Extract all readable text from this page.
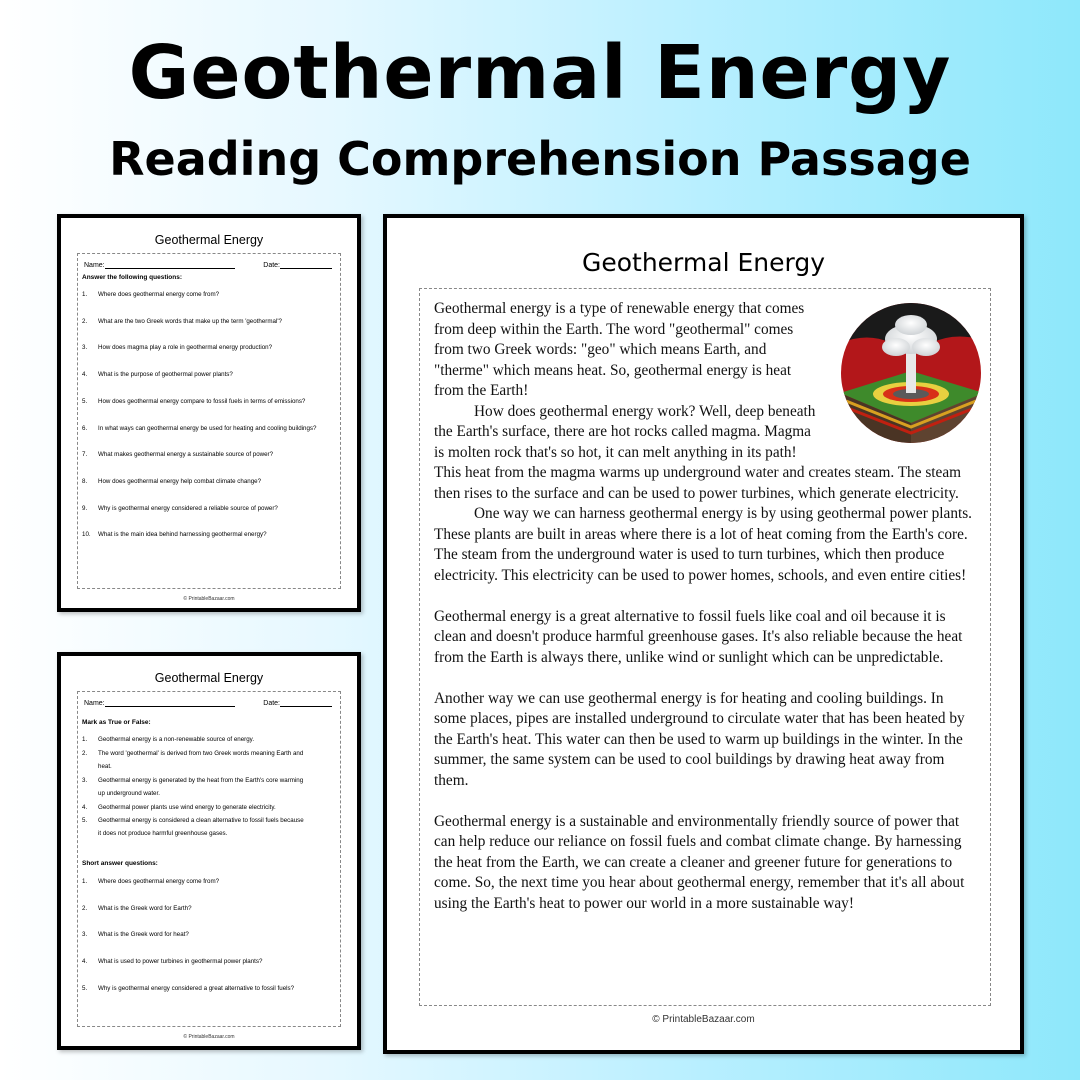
Geothermal Energy
Reading Comprehension Passage
Geothermal Energy
Name:	Date:
Answer the following questions:
1.	Where does geothermal energy come from?
2.	What are the two Greek words that make up the term 'geothermal'?
3.	How does magma play a role in geothermal energy production?
4.	What is the purpose of geothermal power plants?
5.	How does geothermal energy compare to fossil fuels in terms of emissions?
6.	In what ways can geothermal energy be used for heating and cooling buildings?
7.	What makes geothermal energy a sustainable source of power?
8.	How does geothermal energy help combat climate change?
9.	Why is geothermal energy considered a reliable source of power?
10.	What is the main idea behind harnessing geothermal energy?
© PrintableBazaar.com
Geothermal Energy
Name:	Date:
Mark as True or False:
1.	Geothermal energy is a non-renewable source of energy.
2.	The word 'geothermal' is derived from two Greek words meaning Earth and
heat.
3.	Geothermal energy is generated by the heat from the Earth's core warming
up underground water.
4.	Geothermal power plants use wind energy to generate electricity.
5.	Geothermal energy is considered a clean alternative to fossil fuels because
it does not produce harmful greenhouse gases.
Short answer questions:
1.	Where does geothermal energy come from?
2.	What is the Greek word for Earth?
3.	What is the Greek word for heat?
4.	What is used to power turbines in geothermal power plants?
5.	Why is geothermal energy considered a great alternative to fossil fuels?
© PrintableBazaar.com
Geothermal Energy

Geothermal energy is a type of renewable energy that comes from deep within the Earth. The word "geothermal" comes from two Greek words: "geo" which means Earth, and "therme" which means heat. So, geothermal energy is heat from the Earth!

How does geothermal energy work? Well, deep beneath the Earth's surface, there are hot rocks called magma. Magma is molten rock that's so hot, it can melt anything in its path! This heat from the magma warms up underground water and creates steam. The steam then rises to the surface and can be used to power turbines, which generate electricity.

One way we can harness geothermal energy is by using geothermal power plants. These plants are built in areas where there is a lot of heat coming from the Earth's core. The steam from the underground water is used to turn turbines, which then produce electricity. This electricity can be used to power homes, schools, and even entire cities!

Geothermal energy is a great alternative to fossil fuels like coal and oil because it is clean and doesn't produce harmful greenhouse gases. It's also reliable because the heat from the Earth is always there, unlike wind or sunlight which can be unpredictable.

Another way we can use geothermal energy is for heating and cooling buildings. In some places, pipes are installed underground to circulate water that has been heated by the Earth's heat. This water can then be used to warm up buildings in the winter. In the summer, the same system can be used to cool buildings by drawing heat away from them.

Geothermal energy is a sustainable and environmentally friendly source of power that can help reduce our reliance on fossil fuels and combat climate change. By harnessing the heat from the Earth, we can create a cleaner and greener future for generations to come. So, the next time you hear about geothermal energy, remember that it's all about using the Earth's heat to power our world in a more sustainable way!

© PrintableBazaar.com
